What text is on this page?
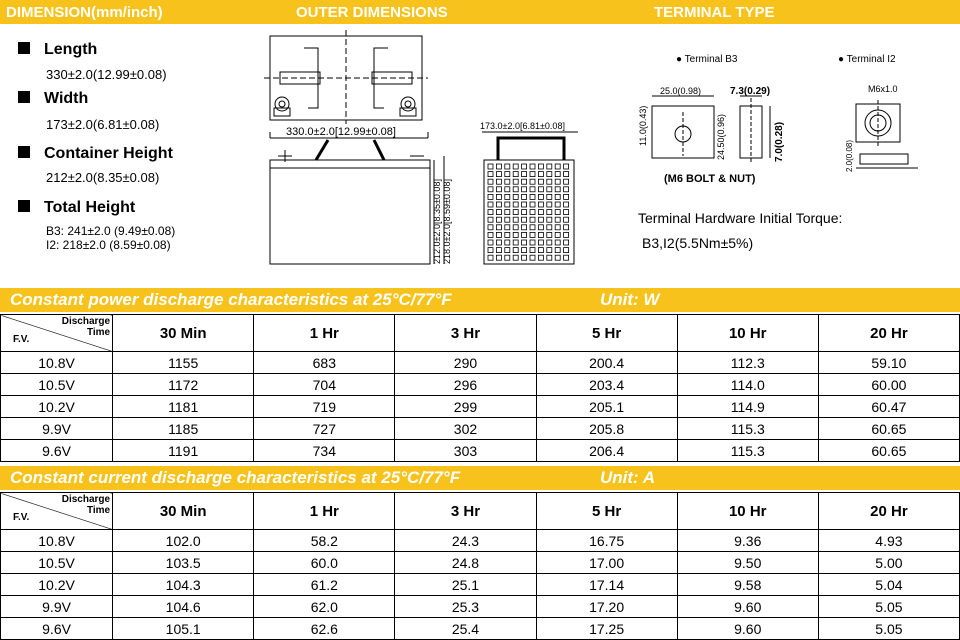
DIMENSION(mm/inch)	OUTER DIMENSIONS	TERMINAL TYPE
Length
330±2.0(12.99±0.08)
Width
173±2.0(6.81±0.08)
Container Height
212±2.0(8.35±0.08)
Total Height
B3: 241±2.0 (9.49±0.08)
I2: 218±2.0 (8.59±0.08)
330.0±2.0[12.99±0.08]
212.0±2.0[8.35±0.08] 218.0±2.0[8.59±0.08]
173.0±2.0[6.81±0.08]
● Terminal B3	● Terminal I2
25.0(0.98)	7.3(0.29)
11.0(0.43)	24.50(0.96)	7.0(0.28)
(M6 BOLT & NUT)
M6x1.0
2.0(0.08)
Terminal Hardware Initial Torque:
B3,I2(5.5Nm±5%)
Constant power discharge characteristics at 25°C/77°F	Unit: W
Discharge
Time
F.V.	30 Min	1 Hr	3 Hr	5 Hr	10 Hr	20 Hr
10.8V	1155	683	290	200.4	112.3	59.10
10.5V	1172	704	296	203.4	114.0	60.00
10.2V	1181	719	299	205.1	114.9	60.47
9.9V	1185	727	302	205.8	115.3	60.65
9.6V	1191	734	303	206.4	115.3	60.65
Constant current discharge characteristics at 25°C/77°F	Unit: A
Discharge
Time
F.V.	30 Min	1 Hr	3 Hr	5 Hr	10 Hr	20 Hr
10.8V	102.0	58.2	24.3	16.75	9.36	4.93
10.5V	103.5	60.0	24.8	17.00	9.50	5.00
10.2V	104.3	61.2	25.1	17.14	9.58	5.04
9.9V	104.6	62.0	25.3	17.20	9.60	5.05
9.6V	105.1	62.6	25.4	17.25	9.60	5.05
